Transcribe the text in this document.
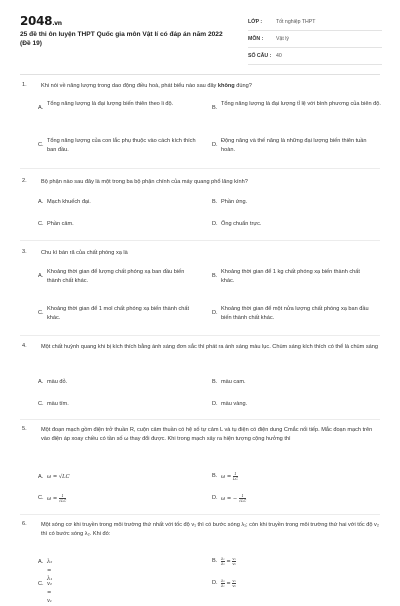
2048.vn
25 đề thi ôn luyện THPT Quốc gia môn Vật lí có đáp án năm 2022 (Đề 19)
LỚP :	Tốt nghiệp THPT
MÔN :	Vật lý
SỐ CÂU : 40
1.	Khi nói về năng lượng trong dao động điều hoà, phát biểu nào sau đây không đúng?
A.
Tổng năng lượng là đại lượng biến thiên theo li độ.
B.
Tổng năng lượng là đại lượng tỉ lệ với bình phương của biên độ.
C.
Tổng năng lượng của con lắc phụ thuộc vào cách kích thích ban đầu.
D.
Động năng và thế năng là những đại lượng biến thiên tuần hoàn.
2.	Bộ phận nào sau đây là một trong ba bộ phận chính của máy quang phổ lăng kính?
A. Mạch khuếch đại.	B. Phần ứng.
C. Phần cảm.	D. Ống chuẩn trực.
3.	Chu kì bán rã của chất phóng xạ là
A.
Khoảng thời gian để lượng chất phóng xạ ban đầu biến thành chất khác.
B.
Khoảng thời gian để 1 kg chất phóng xạ biến thành chất khác.
C.
Khoảng thời gian để 1 mol chất phóng xạ biến thành chất khác.
D.
Khoảng thời gian để một nửa lượng chất phóng xạ ban đầu biến thành chất khác.
4.	Một chất huỳnh quang khi bị kích thích bằng ánh sáng đơn sắc thì phát ra ánh sáng màu lục. Chùm sáng kích thích có thể là chùm sáng
A. màu đỏ.	B. màu cam.
C. màu tím.	D. màu vàng.
5.	Một đoạn mạch gồm điện trở thuần R, cuộn cảm thuần có hệ số tự cảm L và tụ điện có điện dung Cmắc nối tiếp. Mắc đoạn mạch trên vào điện áp xoay chiều có tần số ω thay đổi được. Khi trong mạch xảy ra hiện tượng cộng hưởng thì
A. ω = √LC	B. $\omega = \frac{1}{LC}$
C. $\omega = \frac{1}{√LC}$	D. ω = − $\frac{1}{√LC}$
6.	Một sóng cơ khi truyền trong môi trường thứ nhất với tốc độ v₁ thì có bước sóng λ₁; còn khi truyền trong môi trường thứ hai với tốc độ v₂ thì có bước sóng λ₂. Khi đó:
A. λ₂ = λ₁
B. $\frac{\text{λ₁}}{\text{λ₂}} = \frac{\text{v₁}}{\text{v₂}}$
C. v₂ = v₁
D. $\frac{\text{λ₂}}{\text{λ₁}} = \frac{\text{v₁}}{\text{v₂}}$
